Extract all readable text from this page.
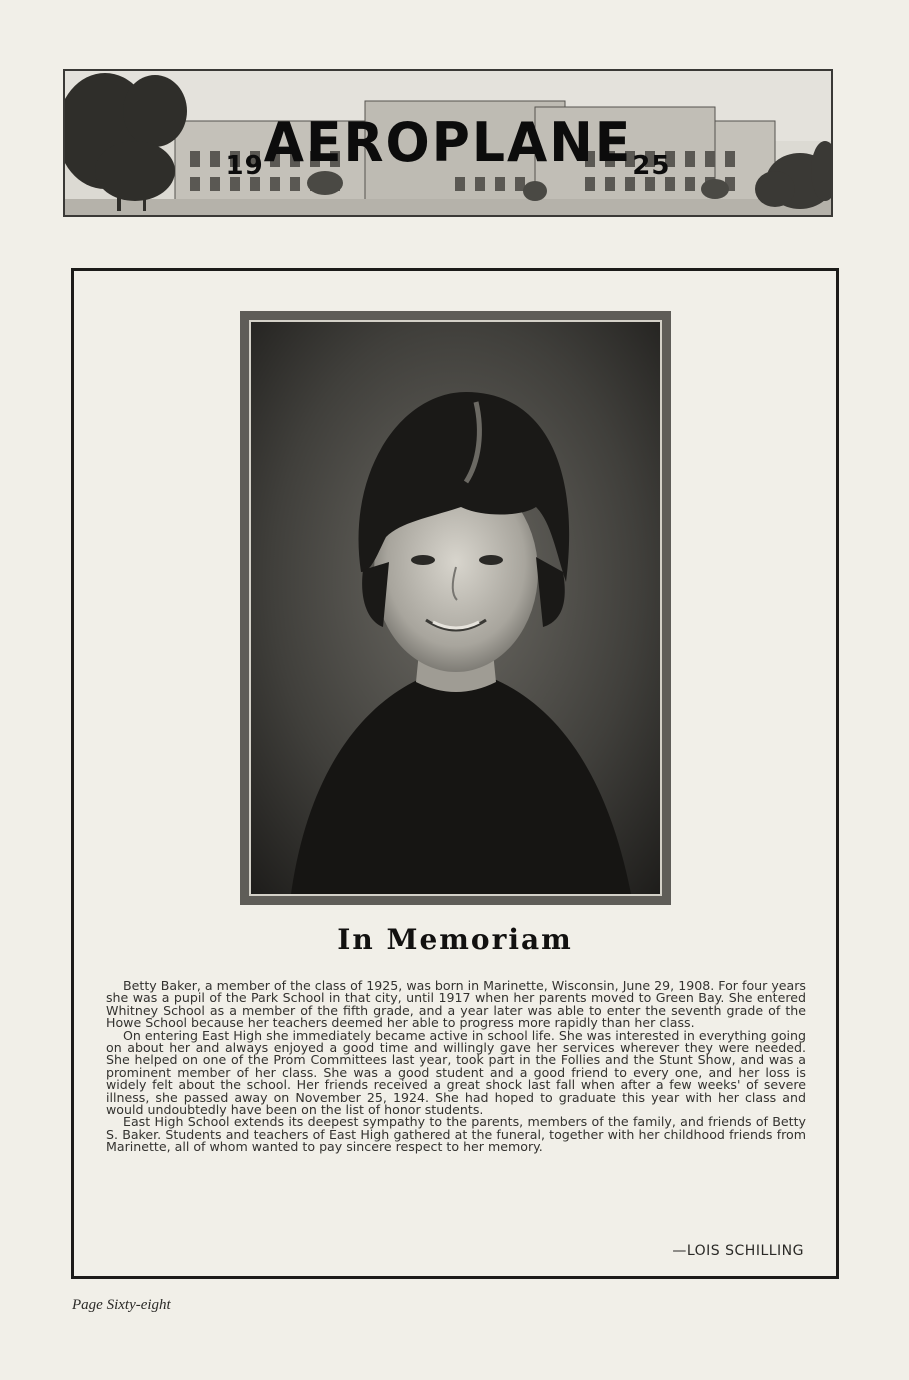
19AEROPLANE25
In Memoriam

Betty Baker, a member of the class of 1925, was born in Marinette, Wisconsin, June 29, 1908. For four years she was a pupil of the Park School in that city, until 1917 when her parents moved to Green Bay. She entered Whitney School as a member of the fifth grade, and a year later was able to enter the seventh grade of the Howe School because her teachers deemed her able to progress more rapidly than her class.

On entering East High she immediately became active in school life. She was interested in everything going on about her and always enjoyed a good time and willingly gave her services wherever they were needed. She helped on one of the Prom Committees last year, took part in the Follies and the Stunt Show, and was a prominent member of her class. She was a good student and a good friend to every one, and her loss is widely felt about the school. Her friends received a great shock last fall when after a few weeks' of severe illness, she passed away on November 25, 1924. She had hoped to graduate this year with her class and would undoubtedly have been on the list of honor students.

East High School extends its deepest sympathy to the parents, members of the family, and friends of Betty S. Baker. Students and teachers of East High gathered at the funeral, together with her childhood friends from Marinette, all of whom wanted to pay sincere respect to her memory.

—LOIS SCHILLING
Page Sixty-eight
